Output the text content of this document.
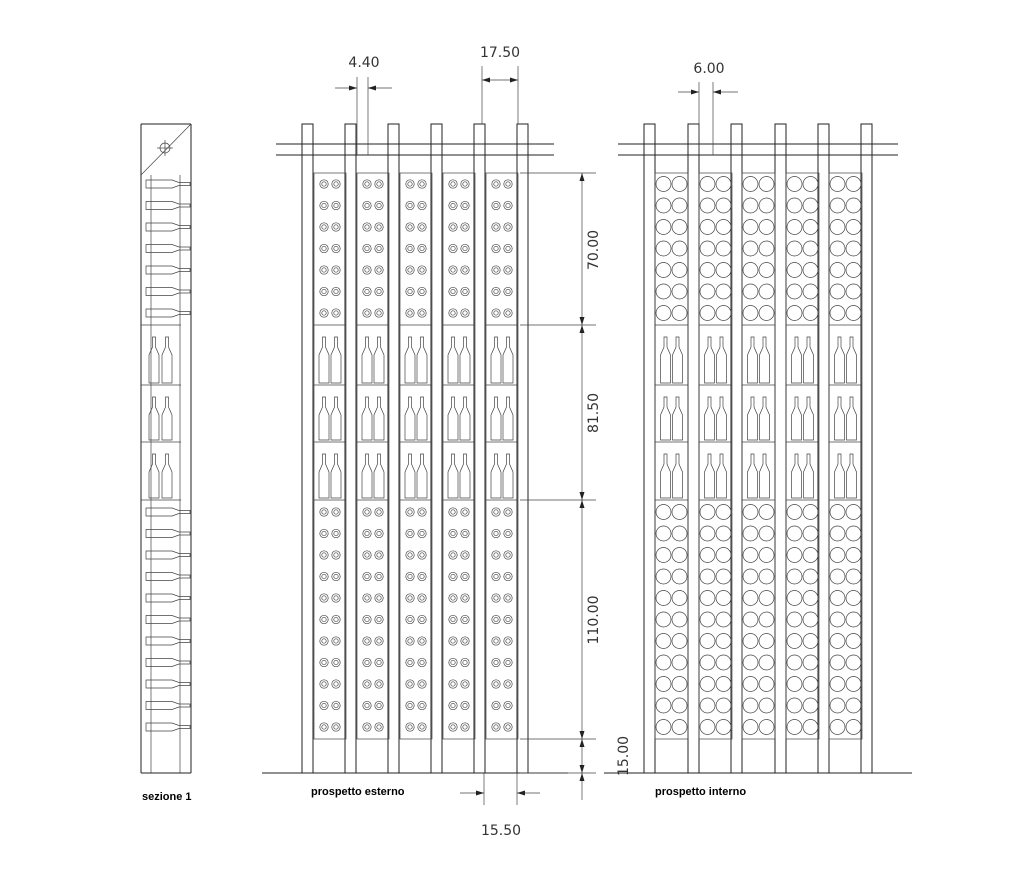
4.40
17.50
6.00
70.00
81.50
110.00
15.00
15.50
sezione 1	prospetto esterno	prospetto interno
